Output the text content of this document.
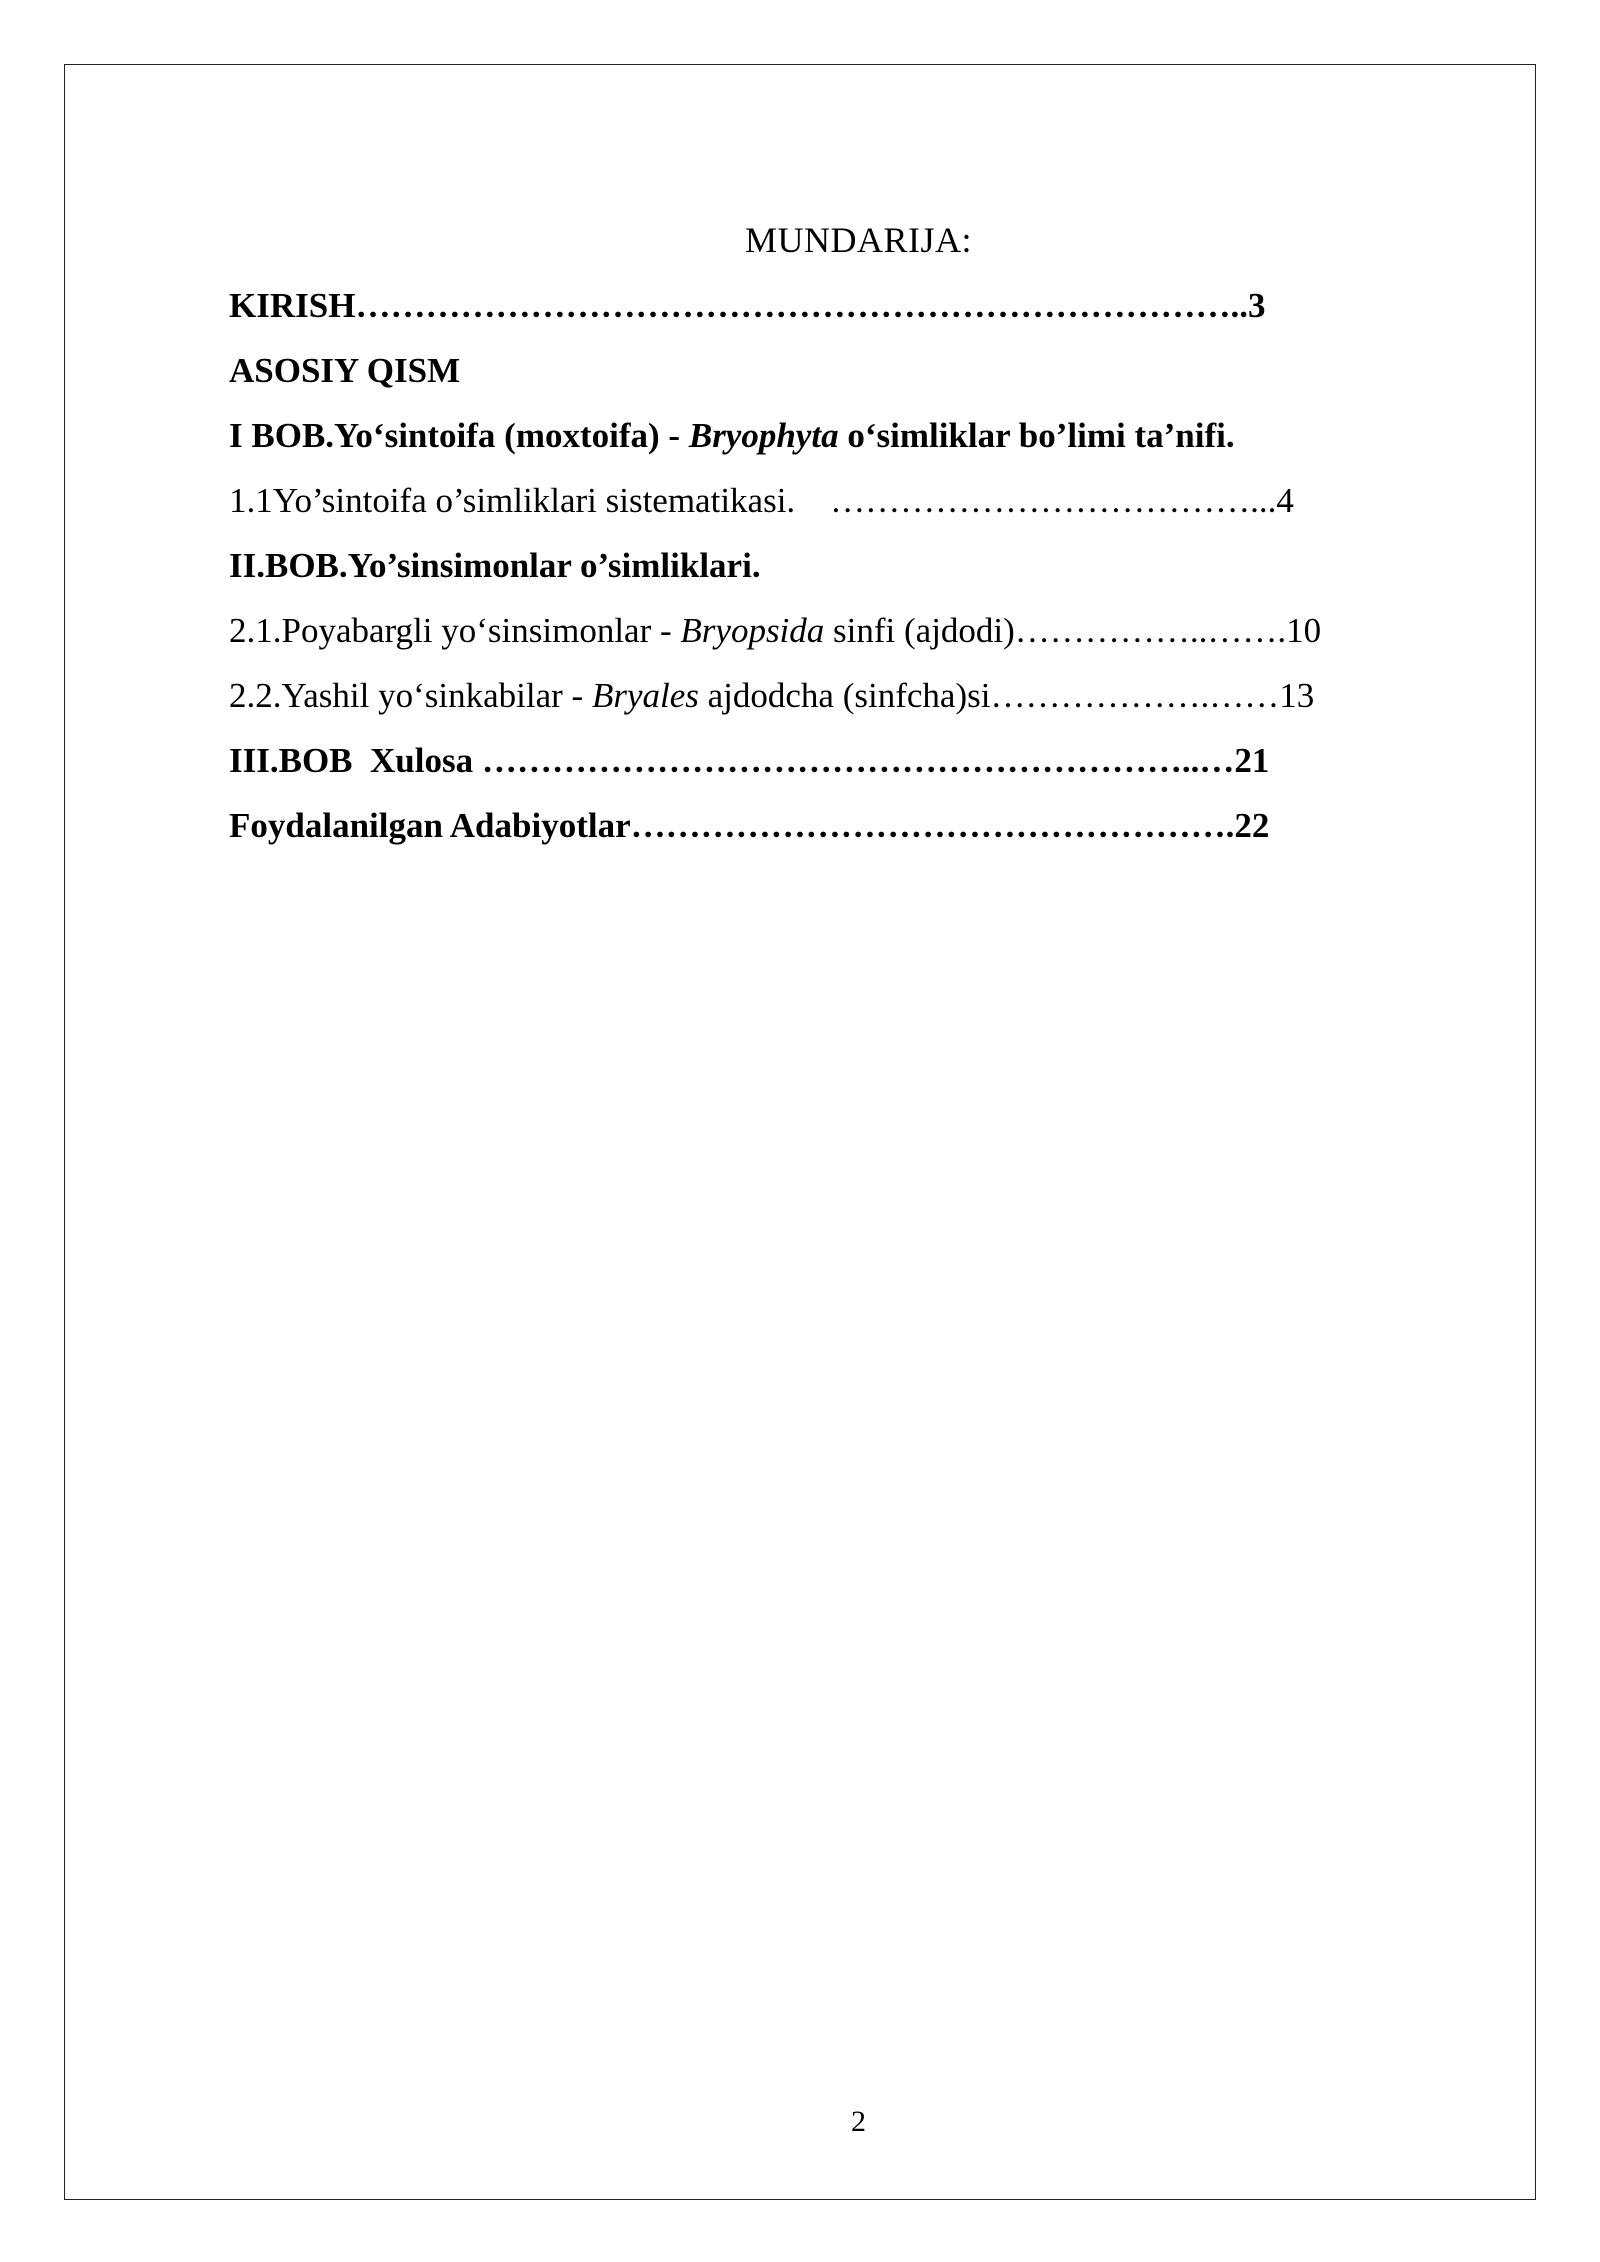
MUNDARIJA:
KIRISH…………………………………………………………………..3
ASOSIY QISM
I BOB.Yo‘sintoifa (moxtoifa) - Bryophyta o‘simliklar bo’limi ta’nifi.
1.1Yo’sintoifa o’simliklari sistematikasi.    ………………………………...4
II.BOB.Yo’sinsimonlar o’simliklari.
2.1.Poyabargli yo‘sinsimonlar - Bryopsida sinfi (ajdodi)……………..…….10
2.2.Yashil yo‘sinkabilar - Bryales ajdodcha (sinfcha)si……………….……13
III.BOB  Xulosa ……………………………………………………..…21
Foydalanilgan Adabiyotlar…………………………………………….22
2
